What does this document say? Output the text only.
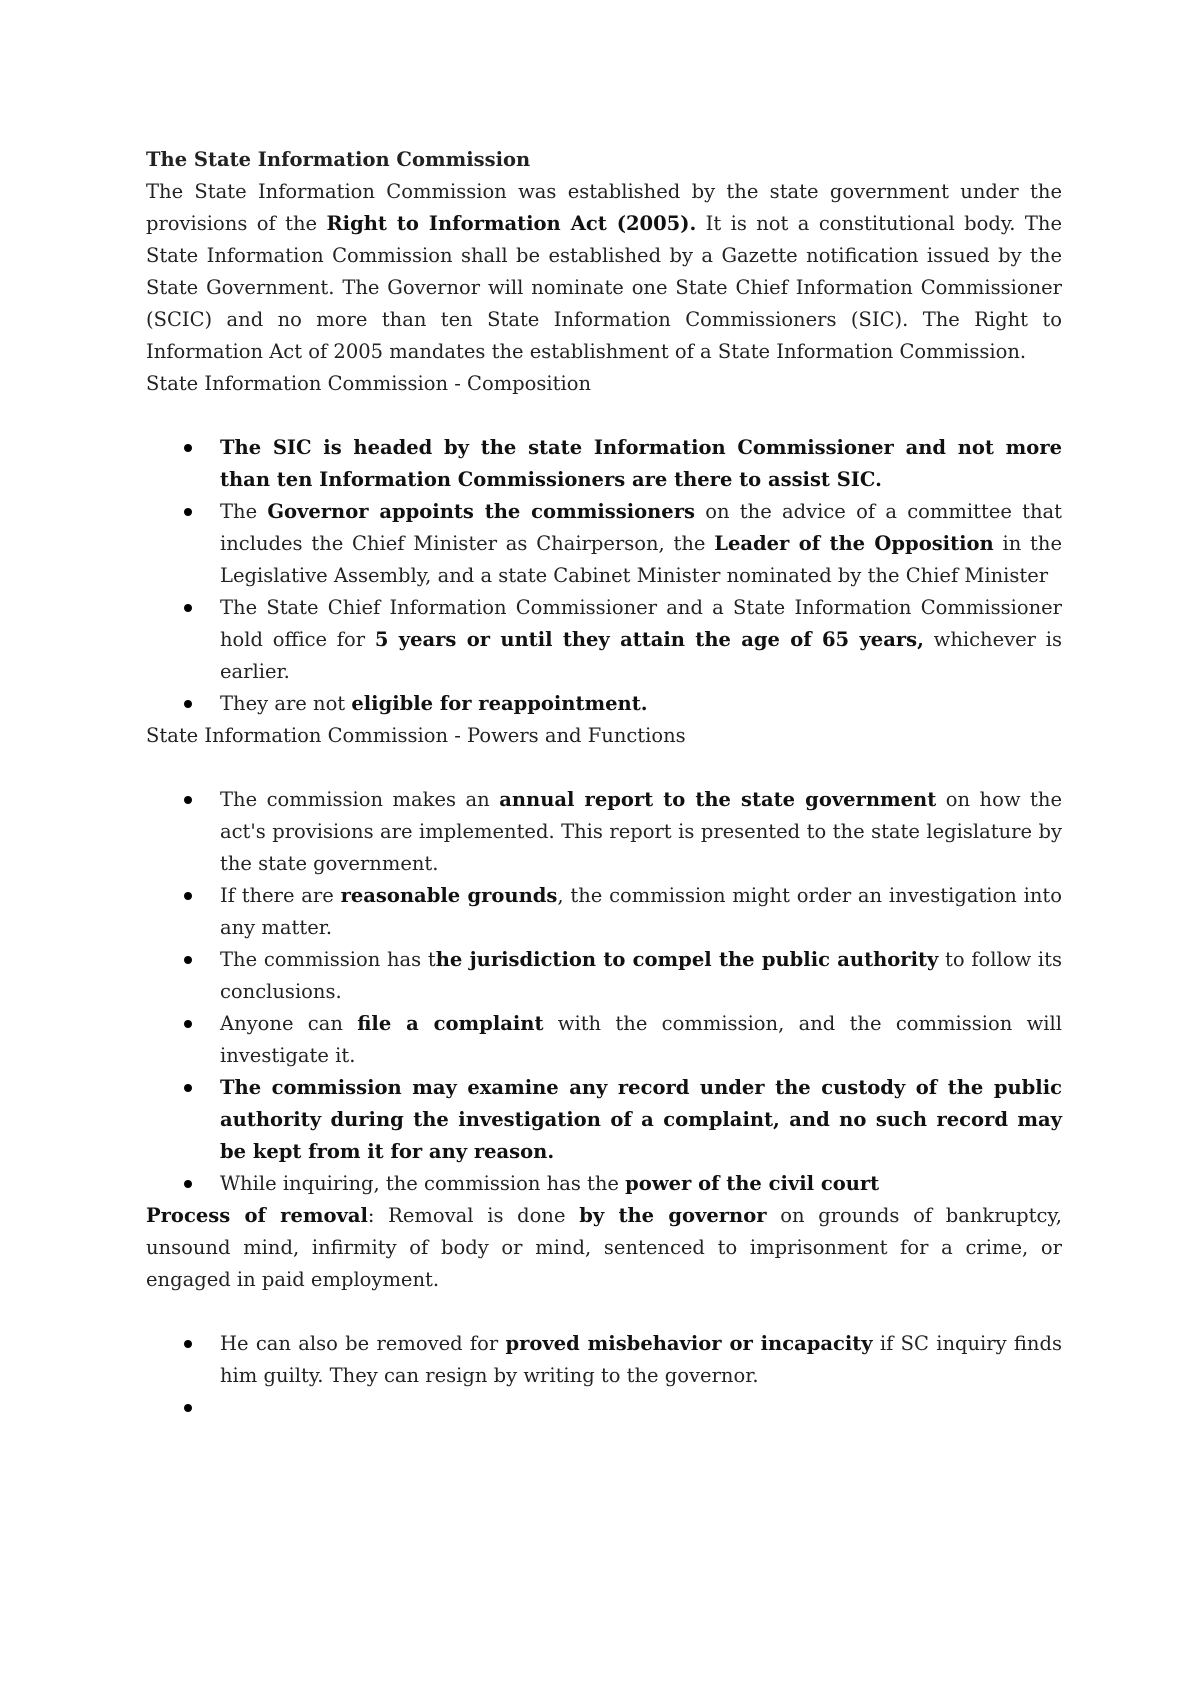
The State Information Commission

The State Information Commission was established by the state government under the provisions of the Right to Information Act (2005). It is not a constitutional body. The State Information Commission shall be established by a Gazette notification issued by the State Government. The Governor will nominate one State Chief Information Commissioner (SCIC) and no more than ten State Information Commissioners (SIC). The Right to Information Act of 2005 mandates the establishment of a State Information Commission.

State Information Commission - Composition
The SIC is headed by the state Information Commissioner and not more than ten Information Commissioners are there to assist SIC.
The Governor appoints the commissioners on the advice of a committee that includes the Chief Minister as Chairperson, the Leader of the Opposition in the Legislative Assembly, and a state Cabinet Minister nominated by the Chief Minister
The State Chief Information Commissioner and a State Information Commissioner hold office for 5 years or until they attain the age of 65 years, whichever is earlier.
They are not eligible for reappointment.
State Information Commission - Powers and Functions
The commission makes an annual report to the state government on how the act's provisions are implemented. This report is presented to the state legislature by the state government.
If there are reasonable grounds, the commission might order an investigation into any matter.
The commission has the jurisdiction to compel the public authority to follow its conclusions.
Anyone can file a complaint with the commission, and the commission will investigate it.
The commission may examine any record under the custody of the public authority during the investigation of a complaint, and no such record may be kept from it for any reason.
While inquiring, the commission has the power of the civil court

Process of removal: Removal is done by the governor on grounds of bankruptcy, unsound mind, infirmity of body or mind, sentenced to imprisonment for a crime, or engaged in paid employment.

He can also be removed for proved misbehavior or incapacity if SC inquiry finds him guilty. They can resign by writing to the governor.
